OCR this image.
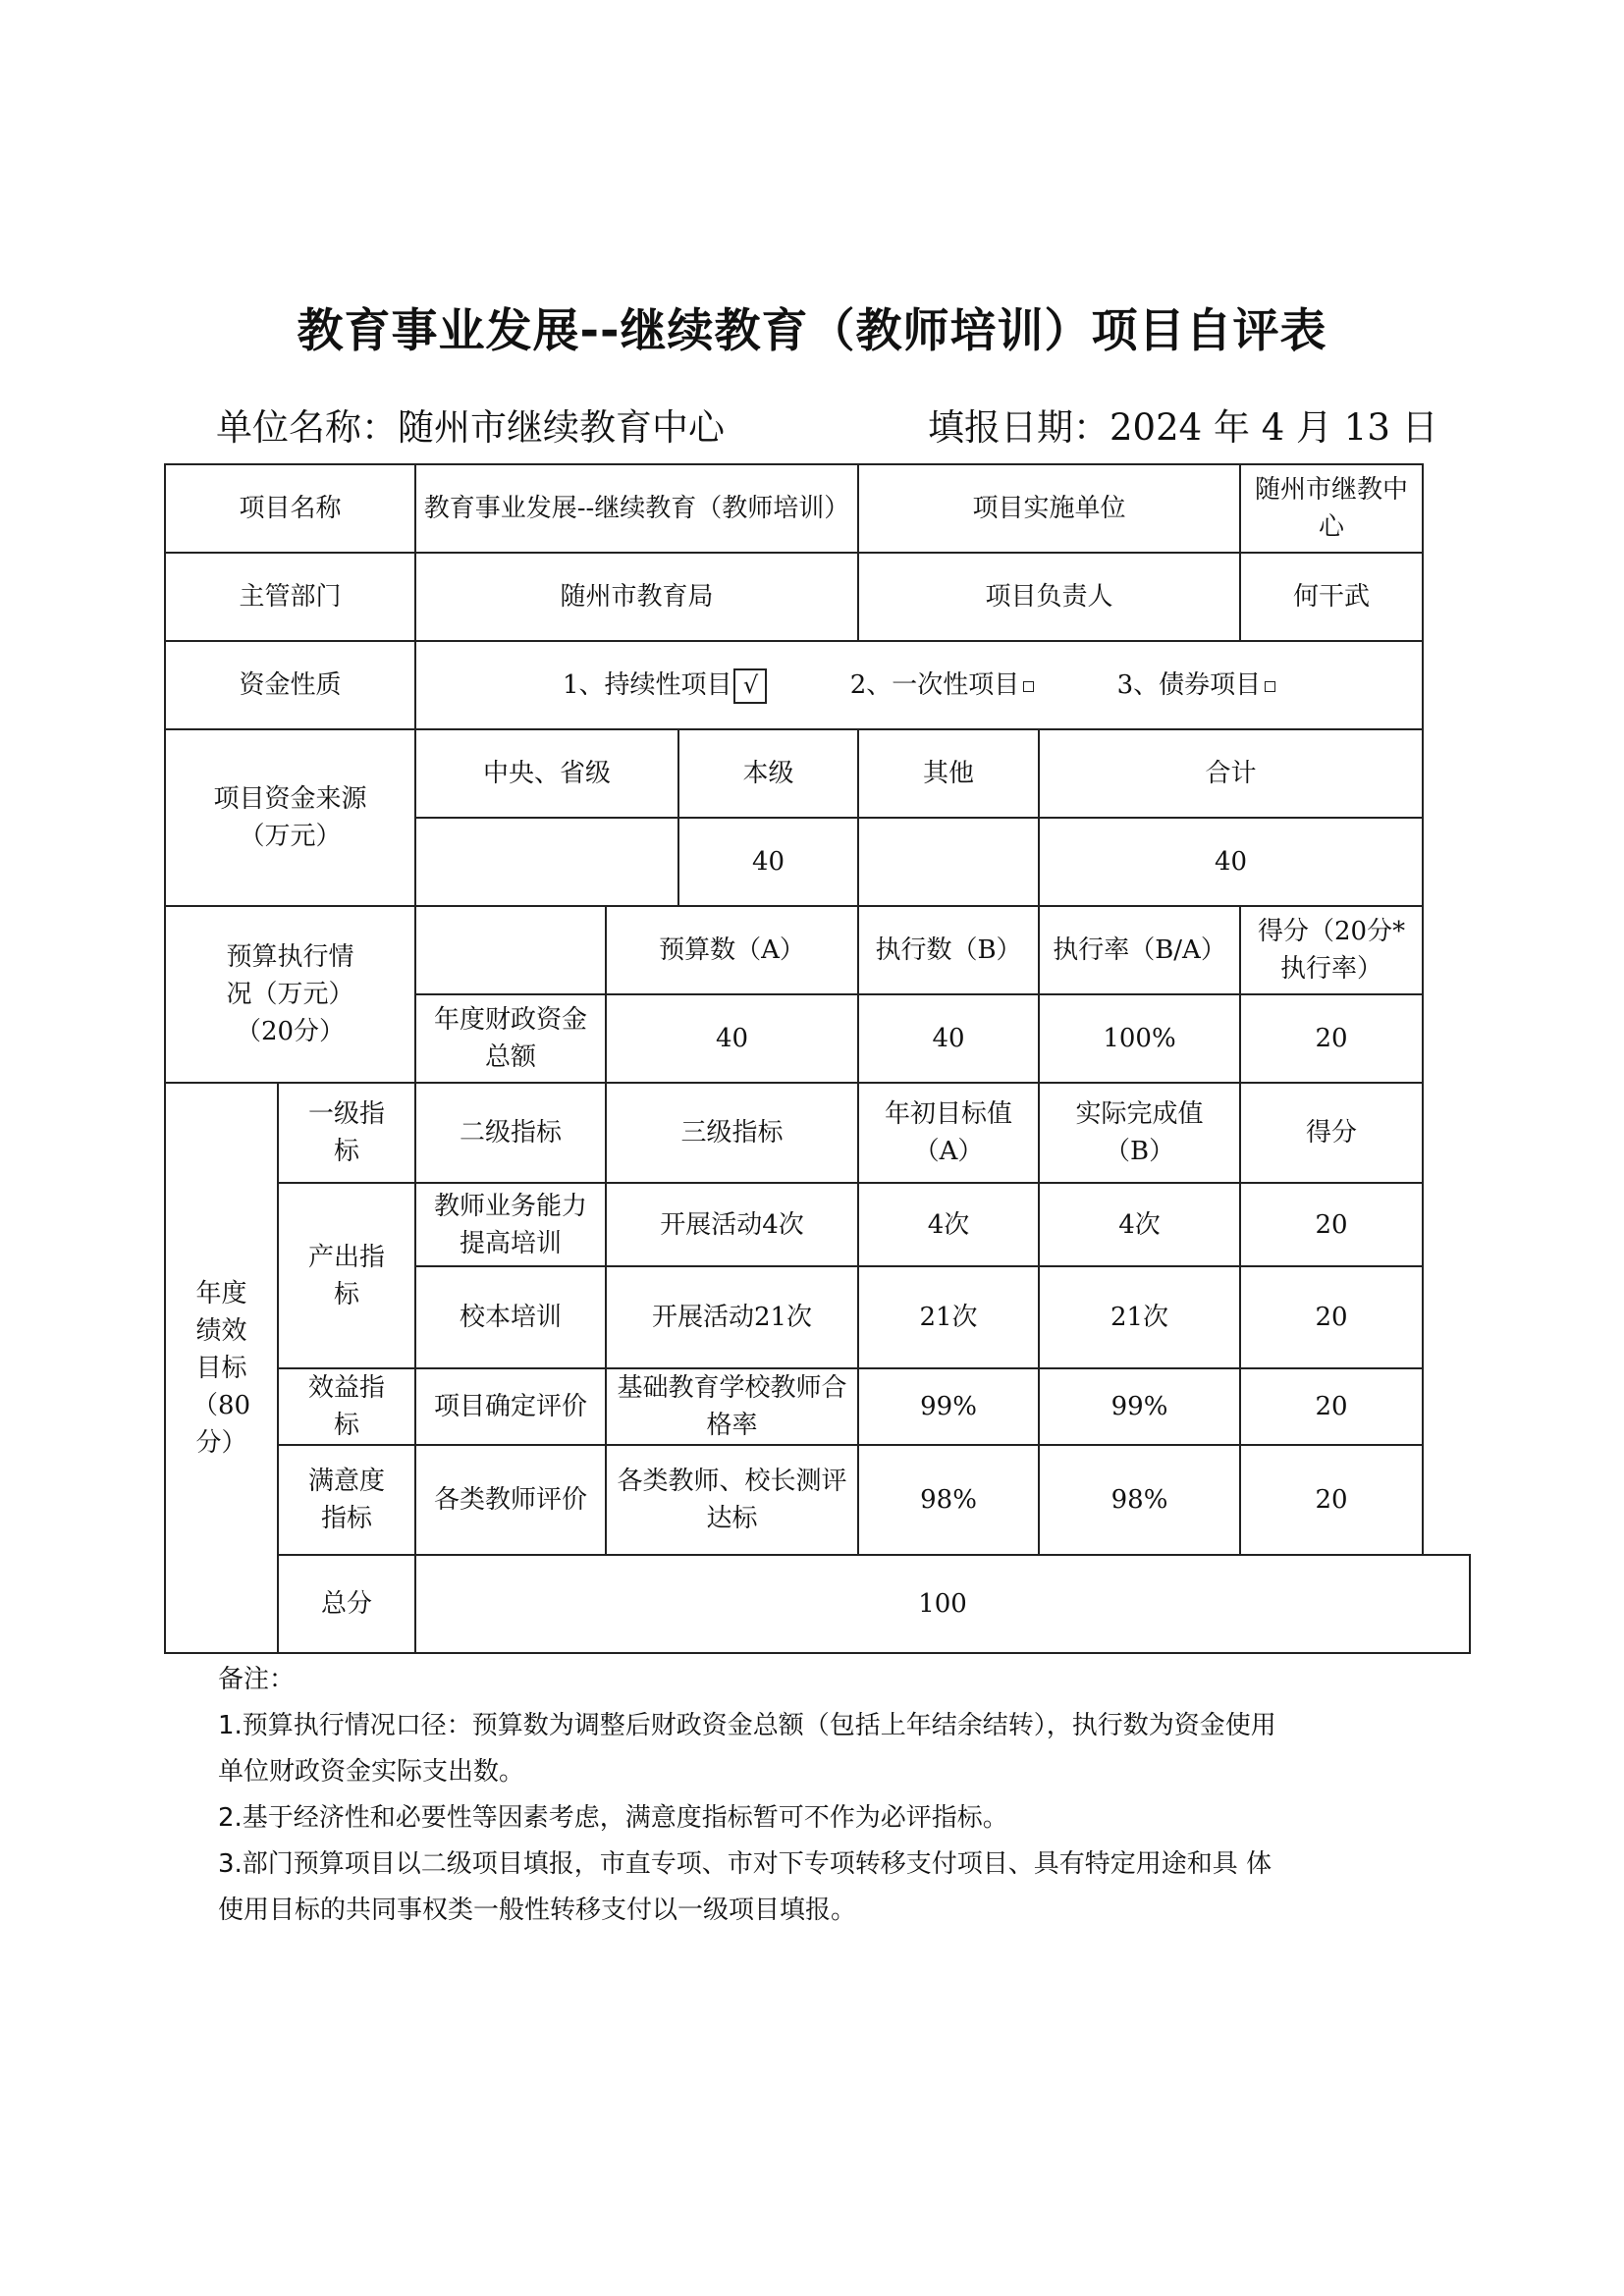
教育事业发展--继续教育（教师培训）项目自评表
单位名称：随州市继续教育中心	填报日期：2024 年 4 月 13 日
项目名称		教育事业发展--继续教育（教师培训）			项目实施单位		随州市继教中心
主管部门		随州市教育局			项目负责人		何干武
资金性质		1、持续性项目 √ 2、一次性项目 3、债券项目					
项目资金来源（万元）		中央、省级		本级	其他	合计	
				40		40	
预算执行情况（万元）（20分）			预算数（A）		执行数（B）	执行率（B/A）	得分（20分*执行率）
		年度财政资金总额	40		40	100%	20
年度绩效目标（80分）	一级指标	二级指标	三级指标		年初目标值（A）	实际完成值（B）	得分
	产出指标	教师业务能力提高培训	开展活动4次		4次	4次	20
		校本培训	开展活动21次		21次	21次	20
	效益指标	项目确定评价	基础教育学校教师合格率		99%	99%	20
	满意度指标	各类教师评价	各类教师、校长测评达标		98%	98%	20
	总分	100					

备注：

1.预算执行情况口径：预算数为调整后财政资金总额（包括上年结余结转），执行数为资金使用

单位财政资金实际支出数。

2.基于经济性和必要性等因素考虑，满意度指标暂可不作为必评指标。

3.部门预算项目以二级项目填报，市直专项、市对下专项转移支付项目、具有特定用途和具 体

使用目标的共同事权类一般性转移支付以一级项目填报。
